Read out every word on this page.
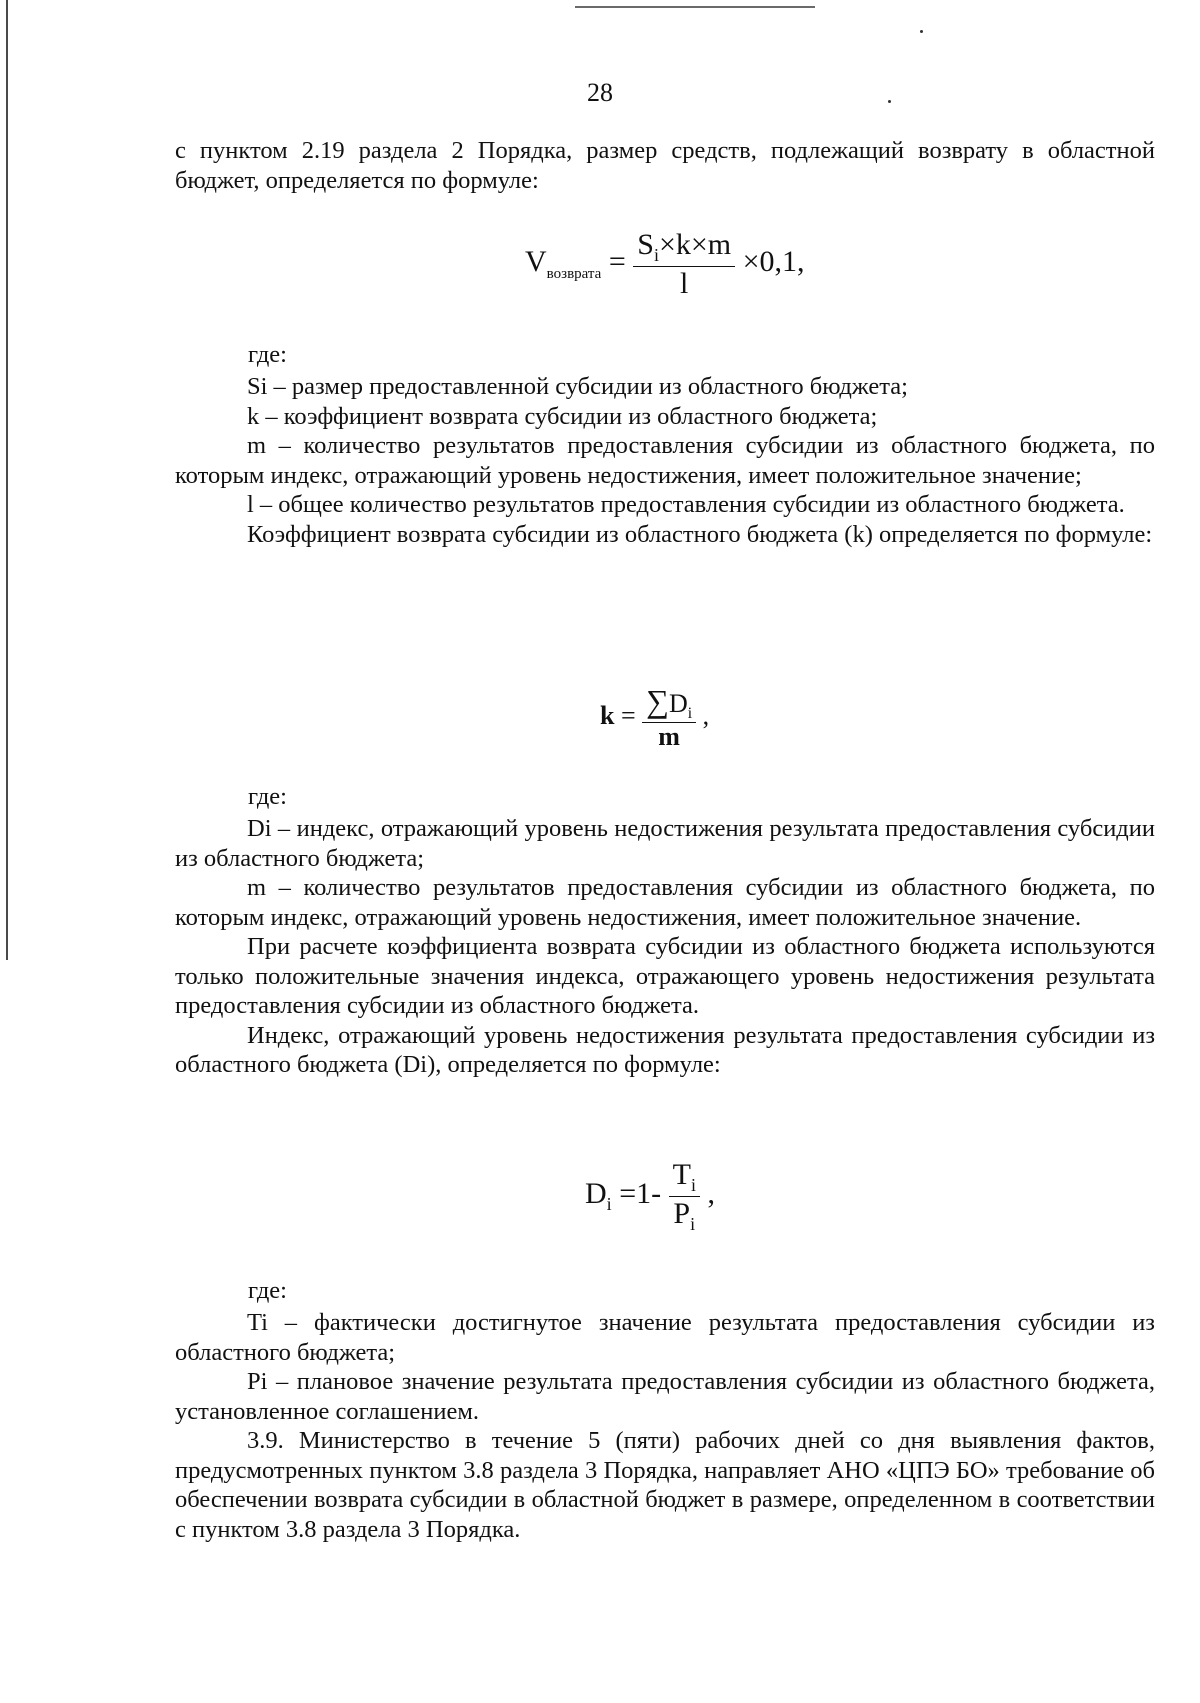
28

с пунктом 2.19 раздела 2 Порядка, размер средств, подлежащий возврату в областной бюджет, определяется по формуле:

$V_{возврата} = \frac{S_i\times k\times m}{l} \times 0,1$,
где:

Si – размер предоставленной субсидии из областного бюджета;

k – коэффициент возврата субсидии из областного бюджета;

m – количество результатов предоставления субсидии из областного бюджета, по которым индекс, отражающий уровень недостижения, имеет положительное значение;

l – общее количество результатов предоставления субсидии из областного бюджета.

Коэффициент возврата субсидии из областного бюджета (k) определяется по формуле:

$k = \frac{\sum D_i}{m}$ ,
где:

Di – индекс, отражающий уровень недостижения результата предоставления субсидии из областного бюджета;

m – количество результатов предоставления субсидии из областного бюджета, по которым индекс, отражающий уровень недостижения, имеет положительное значение.

При расчете коэффициента возврата субсидии из областного бюджета используются только положительные значения индекса, отражающего уровень недостижения результата предоставления субсидии из областного бюджета.

Индекс, отражающий уровень недостижения результата предоставления субсидии из областного бюджета (Di), определяется по формуле:

$D_i =1- \frac{T_i}{P_i}$ ,
где:

Ti – фактически достигнутое значение результата предоставления субсидии из областного бюджета;

Pi – плановое значение результата предоставления субсидии из областного бюджета, установленное соглашением.

3.9. Министерство в течение 5 (пяти) рабочих дней со дня выявления фактов, предусмотренных пунктом 3.8 раздела 3 Порядка, направляет АНО «ЦПЭ БО» требование об обеспечении возврата субсидии в областной бюджет в размере, определенном в соответствии с пунктом 3.8 раздела 3 Порядка.
